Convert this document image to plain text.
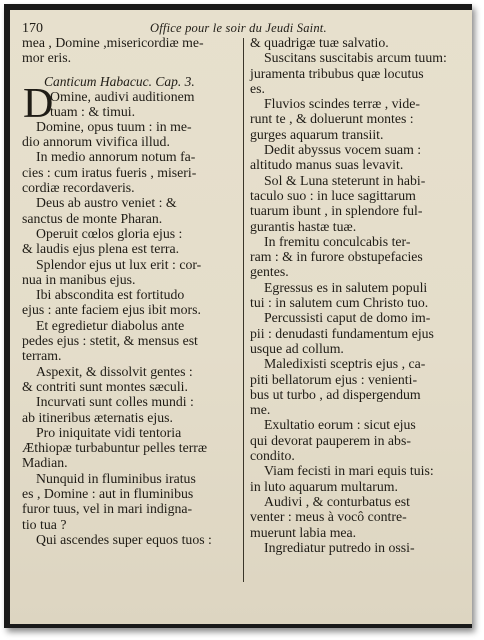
170	Office pour le soir du Jeudi Saint.
mea , Domine ,misericordiæ me-
mor eris.
Canticum Habacuc. Cap. 3.
D
Omine, audivi auditionem
tuam : & timui.
Domine, opus tuum : in me-
dio annorum vivifica illud.
In medio annorum notum fa-
cies : cum iratus fueris , miseri-
cordiæ recordaveris.
Deus ab austro veniet : &
sanctus de monte Pharan.
Operuit cœlos gloria ejus :
& laudis ejus plena est terra.
Splendor ejus ut lux erit : cor-
nua in manibus ejus.
Ibi abscondita est fortitudo
ejus : ante faciem ejus ibit mors.
Et egredietur diabolus ante
pedes ejus : stetit, & mensus est
terram.
Aspexit, & dissolvit gentes :
& contriti sunt montes sæculi.
Incurvati sunt colles mundi :
ab itineribus æternatis ejus.
Pro iniquitate vidi tentoria
Æthiopæ turbabuntur pelles terræ
Madian.
Nunquid in fluminibus iratus
es , Domine : aut in fluminibus
furor tuus, vel in mari indigna-
tio tua ?
Qui ascendes super equos tuos :
& quadrigæ tuæ salvatio.
Suscitans suscitabis arcum tuum:
juramenta tribubus quæ locutus
es.
Fluvios scindes terræ , vide-
runt te , & doluerunt montes :
gurges aquarum transiit.
Dedit abyssus vocem suam :
altitudo manus suas levavit.
Sol & Luna steterunt in habi-
taculo suo : in luce sagittarum
tuarum ibunt , in splendore ful-
gurantis hastæ tuæ.
In fremitu conculcabis ter-
ram : & in furore obstupefacies
gentes.
Egressus es in salutem populi
tui : in salutem cum Christo tuo.
Percussisti caput de domo im-
pii : denudasti fundamentum ejus
usque ad collum.
Maledixisti sceptris ejus , ca-
piti bellatorum ejus : venienti-
bus ut turbo , ad dispergendum
me.
Exultatio eorum : sicut ejus
qui devorat pauperem in abs-
condito.
Viam fecisti in mari equis tuis:
in luto aquarum multarum.
Audivi , & conturbatus est
venter : meus à vocô contre-
muerunt labia mea.
Ingrediatur putredo in ossi-
